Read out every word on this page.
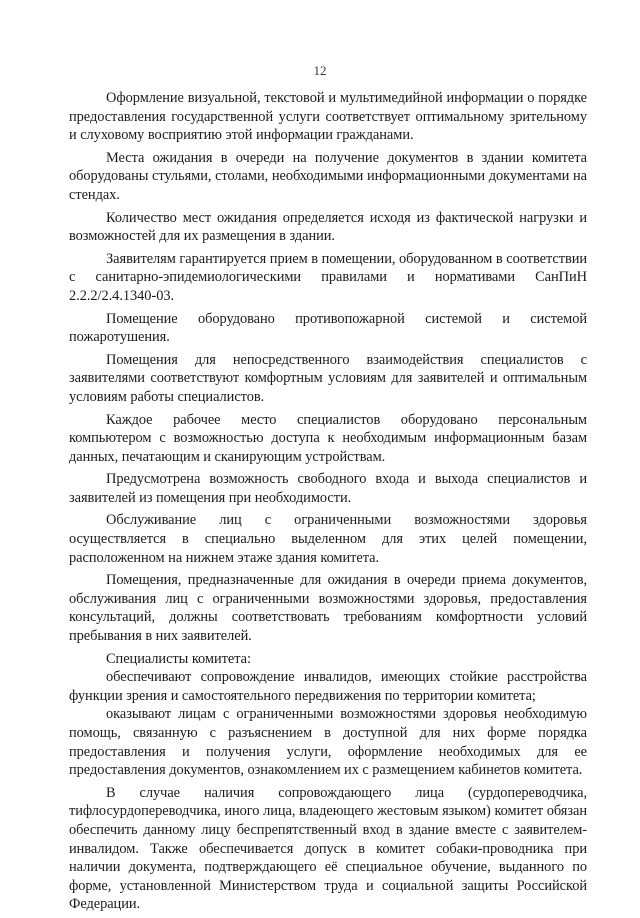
12

Оформление визуальной, текстовой и мультимедийной информации о порядке предоставления государственной услуги соответствует оптимальному зрительному и слуховому восприятию этой информации гражданами.

Места ожидания в очереди на получение документов в здании комитета оборудованы стульями, столами, необходимыми информационными документами на стендах.

Количество мест ожидания определяется исходя из фактической нагрузки и возможностей для их размещения в здании.

Заявителям гарантируется прием в помещении, оборудованном в соответствии с санитарно-эпидемиологическими правилами и нормативами СанПиН 2.2.2/2.4.1340-03.

Помещение оборудовано противопожарной системой и системой пожаротушения.

Помещения для непосредственного взаимодействия специалистов с заявителями соответствуют комфортным условиям для заявителей и оптимальным условиям работы специалистов.

Каждое рабочее место специалистов оборудовано персональным компьютером с возможностью доступа к необходимым информационным базам данных, печатающим и сканирующим устройствам.

Предусмотрена возможность свободного входа и выхода специалистов и заявителей из помещения при необходимости.

Обслуживание лиц с ограниченными возможностями здоровья осуществляется в специально выделенном для этих целей помещении, расположенном на нижнем этаже здания комитета.

Помещения, предназначенные для ожидания в очереди приема документов, обслуживания лиц с ограниченными возможностями здоровья, предоставления консультаций, должны соответствовать требованиям комфортности условий пребывания в них заявителей.

Специалисты комитета:

обеспечивают сопровождение инвалидов, имеющих стойкие расстройства функции зрения и самостоятельного передвижения по территории комитета;

оказывают лицам с ограниченными возможностями здоровья необходимую помощь, связанную с разъяснением в доступной для них форме порядка предоставления и получения услуги, оформление необходимых для ее предоставления документов, ознакомлением их с размещением кабинетов комитета.

В случае наличия сопровождающего лица (сурдопереводчика, тифлосурдопереводчика, иного лица, владеющего жестовым языком) комитет обязан обеспечить данному лицу беспрепятственный вход в здание вместе с заявителем-инвалидом. Также обеспечивается допуск в комитет собаки-проводника при наличии документа, подтверждающего её специальное обучение, выданного по форме, установленной Министерством труда и социальной защиты Российской Федерации.
